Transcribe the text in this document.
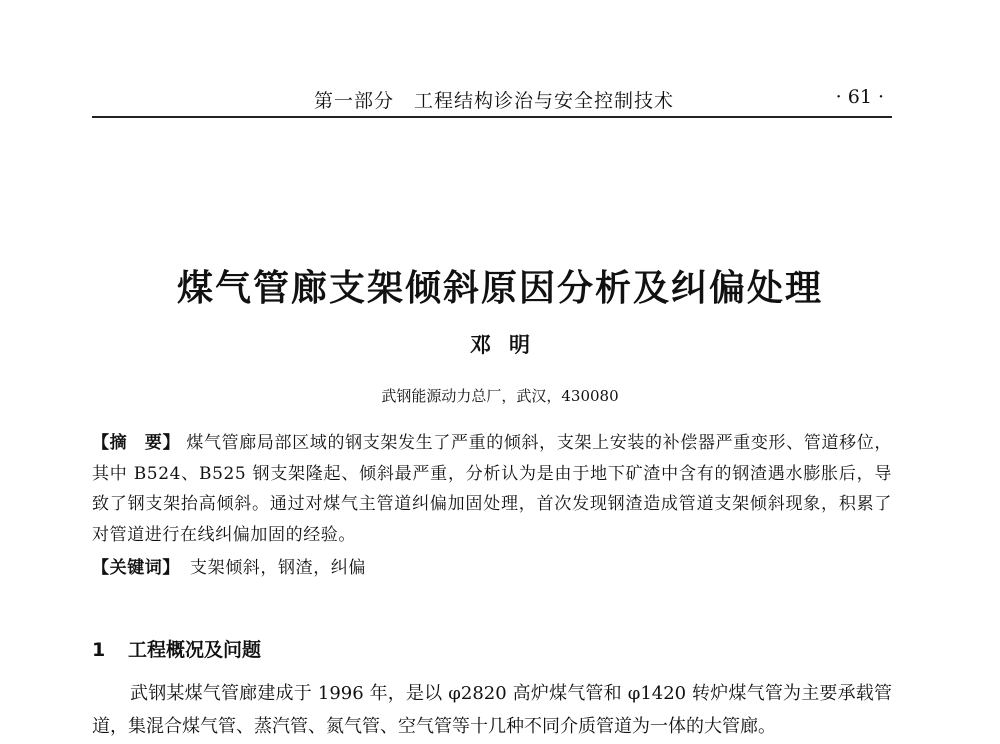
第一部分　工程结构诊治与安全控制技术	· 61 ·
煤气管廊支架倾斜原因分析及纠偏处理
邓明
武钢能源动力总厂，武汉，430080
【摘　要】 煤气管廊局部区域的钢支架发生了严重的倾斜，支架上安装的补偿器严重变形、管道移位，其中 B524、B525 钢支架隆起、倾斜最严重，分析认为是由于地下矿渣中含有的钢渣遇水膨胀后，导致了钢支架抬高倾斜。通过对煤气主管道纠偏加固处理，首次发现钢渣造成管道支架倾斜现象，积累了对管道进行在线纠偏加固的经验。
【关键词】 支架倾斜，钢渣，纠偏
1 工程概况及问题
武钢某煤气管廊建成于 1996 年，是以 φ2820 高炉煤气管和 φ1420 转炉煤气管为主要承载管道，集混合煤气管、蒸汽管、氮气管、空气管等十几种不同介质管道为一体的大管廊。
